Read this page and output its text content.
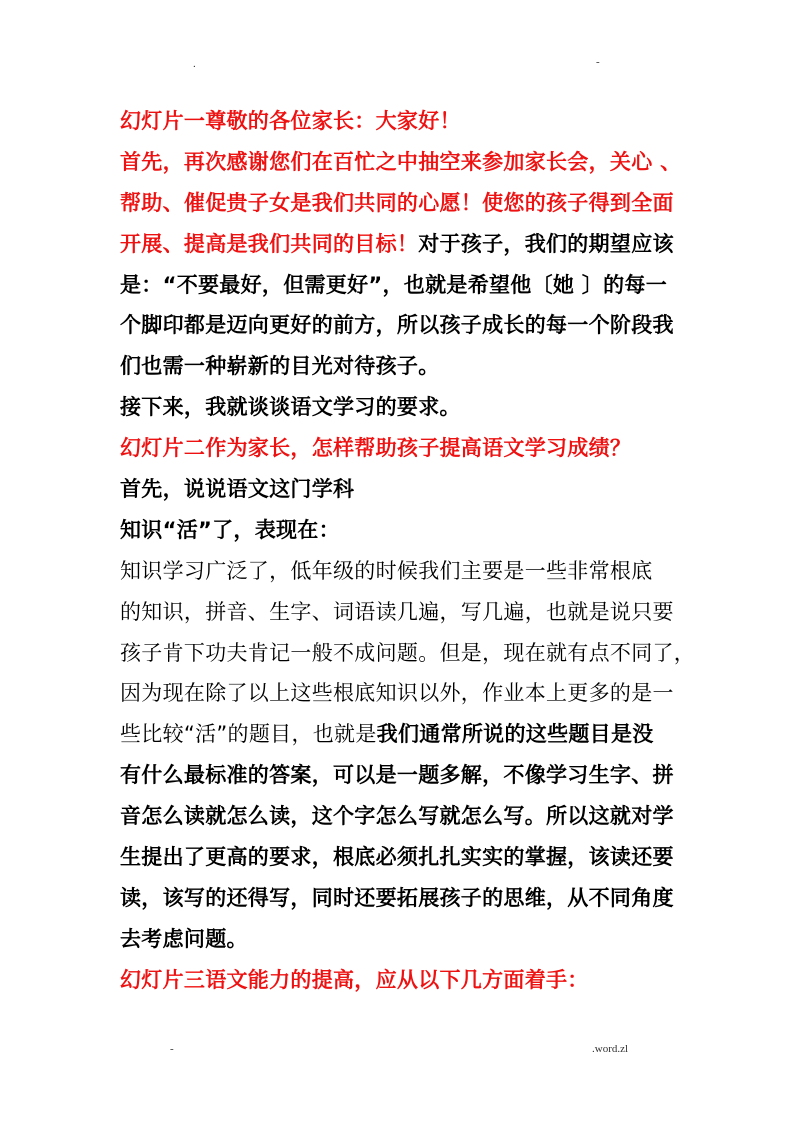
.	-
幻灯片一尊敬的各位家长：大家好！
首先，再次感谢您们在百忙之中抽空来参加家长会，关心 、
帮助、催促贵子女是我们共同的心愿！使您的孩子得到全面
开展、提高是我们共同的目标！对于孩子，我们的期望应该
是：“不要最好，但需更好”，也就是希望他〔她 〕的每一
个脚印都是迈向更好的前方，所以孩子成长的每一个阶段我
们也需一种崭新的目光对待孩子。
接下来，我就谈谈语文学习的要求。
幻灯片二作为家长，怎样帮助孩子提高语文学习成绩？
首先，说说语文这门学科
知识“活”了，表现在：
知识学习广泛了，低年级的时候我们主要是一些非常根底
的知识，拼音、生字、词语读几遍，写几遍，也就是说只要
孩子肯下功夫肯记一般不成问题。但是，现在就有点不同了，
因为现在除了以上这些根底知识以外，作业本上更多的是一
些比较“活”的题目，也就是我们通常所说的这些题目是没
有什么最标准的答案，可以是一题多解，不像学习生字、拼
音怎么读就怎么读，这个字怎么写就怎么写。所以这就对学
生提出了更高的要求，根底必须扎扎实实的掌握，该读还要
读，该写的还得写，同时还要拓展孩子的思维，从不同角度
去考虑问题。
幻灯片三语文能力的提高，应从以下几方面着手：
-	.word.zl
